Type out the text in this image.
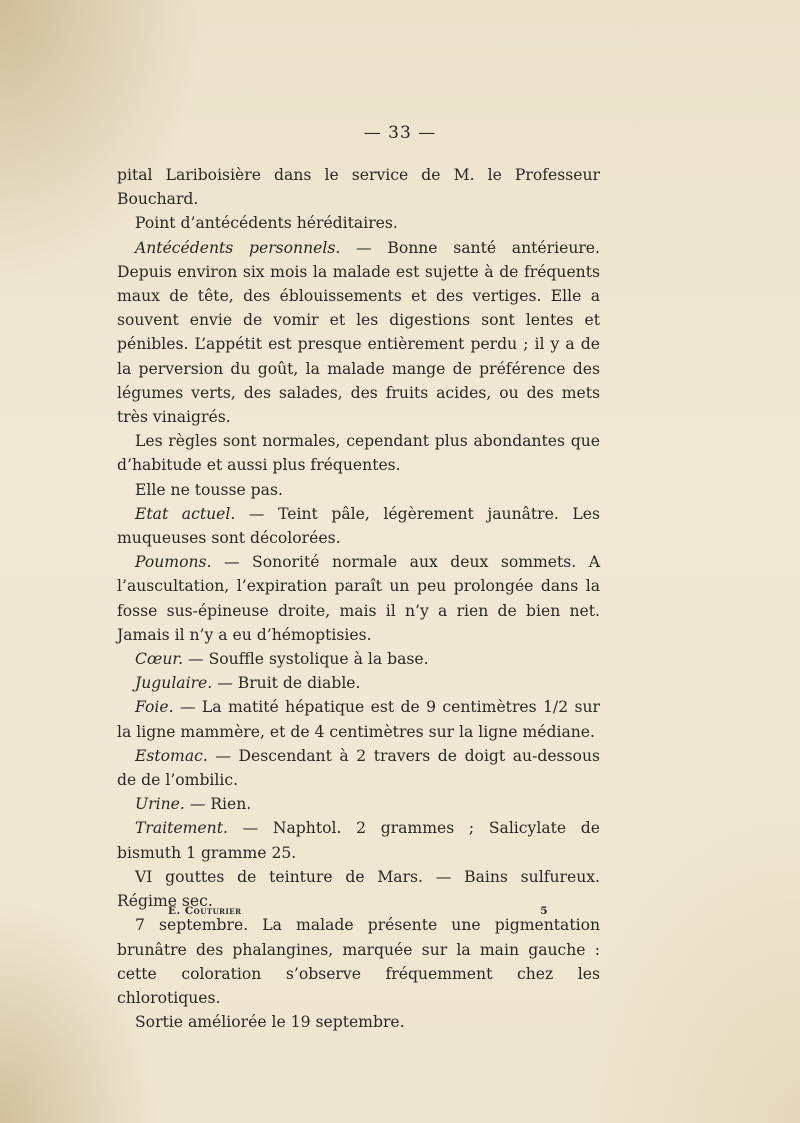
— 33 —

pital Lariboisière dans le service de M. le Professeur Bouchard.

Point d’antécédents héréditaires.

Antécédents personnels. — Bonne santé antérieure. Depuis environ six mois la malade est sujette à de fréquents maux de tête, des éblouissements et des vertiges. Elle a souvent envie de vomir et les digestions sont lentes et pénibles. L’appétit est presque entièrement perdu ; il y a de la perversion du goût, la malade mange de préférence des légumes verts, des salades, des fruits acides, ou des mets très vinaigrés.

Les règles sont normales, cependant plus abondantes que d’habitude et aussi plus fréquentes.

Elle ne tousse pas.

Etat actuel. — Teint pâle, légèrement jaunâtre. Les muqueuses sont décolorées.

Poumons. — Sonorité normale aux deux sommets. A l’auscultation, l’expiration paraît un peu prolongée dans la fosse sus-épineuse droite, mais il n’y a rien de bien net. Jamais il n’y a eu d’hémoptisies.

Cœur. — Souffle systolique à la base.

Jugulaire. — Bruit de diable.

Foie. — La matité hépatique est de 9 centimètres 1/2 sur la ligne mammère, et de 4 centimètres sur la ligne médiane.

Estomac. — Descendant à 2 travers de doigt au-dessous de de l’ombilic.

Urine. — Rien.

Traitement. — Naphtol. 2 grammes ; Salicylate de bismuth 1 gramme 25.

VI gouttes de teinture de Mars. — Bains sulfureux. Régime sec.

7 septembre. La malade présente une pigmentation brunâtre des phalangines, marquée sur la main gauche : cette coloration s’observe fréquemment chez les chlorotiques.

Sortie améliorée le 19 septembre.

E. Couturier	5
